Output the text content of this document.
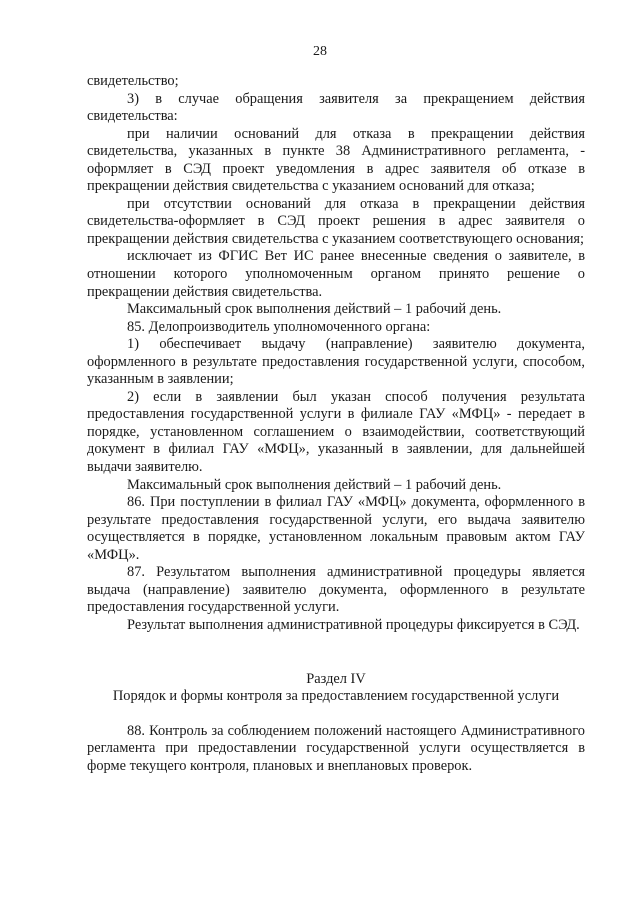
28

свидетельство;

3) в случае обращения заявителя за прекращением действия свидетельства:

при наличии оснований для отказа в прекращении действия свидетельства, указанных в пункте 38 Административного регламента, - оформляет в СЭД проект уведомления в адрес заявителя об отказе в прекращении действия свидетельства с указанием оснований для отказа;

при отсутствии оснований для отказа в прекращении действия свидетельства-оформляет в СЭД проект решения в адрес заявителя о прекращении действия свидетельства с указанием соответствующего основания;

исключает из ФГИС Вет ИС ранее внесенные сведения о заявителе, в отношении которого уполномоченным органом принято решение о прекращении действия свидетельства.

Максимальный срок выполнения действий – 1 рабочий день.

85. Делопроизводитель уполномоченного органа:

1) обеспечивает выдачу (направление) заявителю документа, оформленного в результате предоставления государственной услуги, способом, указанным в заявлении;

2) если в заявлении был указан способ получения результата предоставления государственной услуги в филиале ГАУ «МФЦ» - передает в порядке, установленном соглашением о взаимодействии, соответствующий документ в филиал ГАУ «МФЦ», указанный в заявлении, для дальнейшей выдачи заявителю.

Максимальный срок выполнения действий – 1 рабочий день.

86. При поступлении в филиал ГАУ «МФЦ» документа, оформленного в результате предоставления государственной услуги, его выдача заявителю осуществляется в порядке, установленном локальным правовым актом ГАУ «МФЦ».

87. Результатом выполнения административной процедуры является выдача (направление) заявителю документа, оформленного в результате предоставления государственной услуги.

Результат выполнения административной процедуры фиксируется в СЭД.

Раздел IV

Порядок и формы контроля за предоставлением государственной услуги

88. Контроль за соблюдением положений настоящего Административного регламента при предоставлении государственной услуги осуществляется в форме текущего контроля, плановых и внеплановых проверок.
